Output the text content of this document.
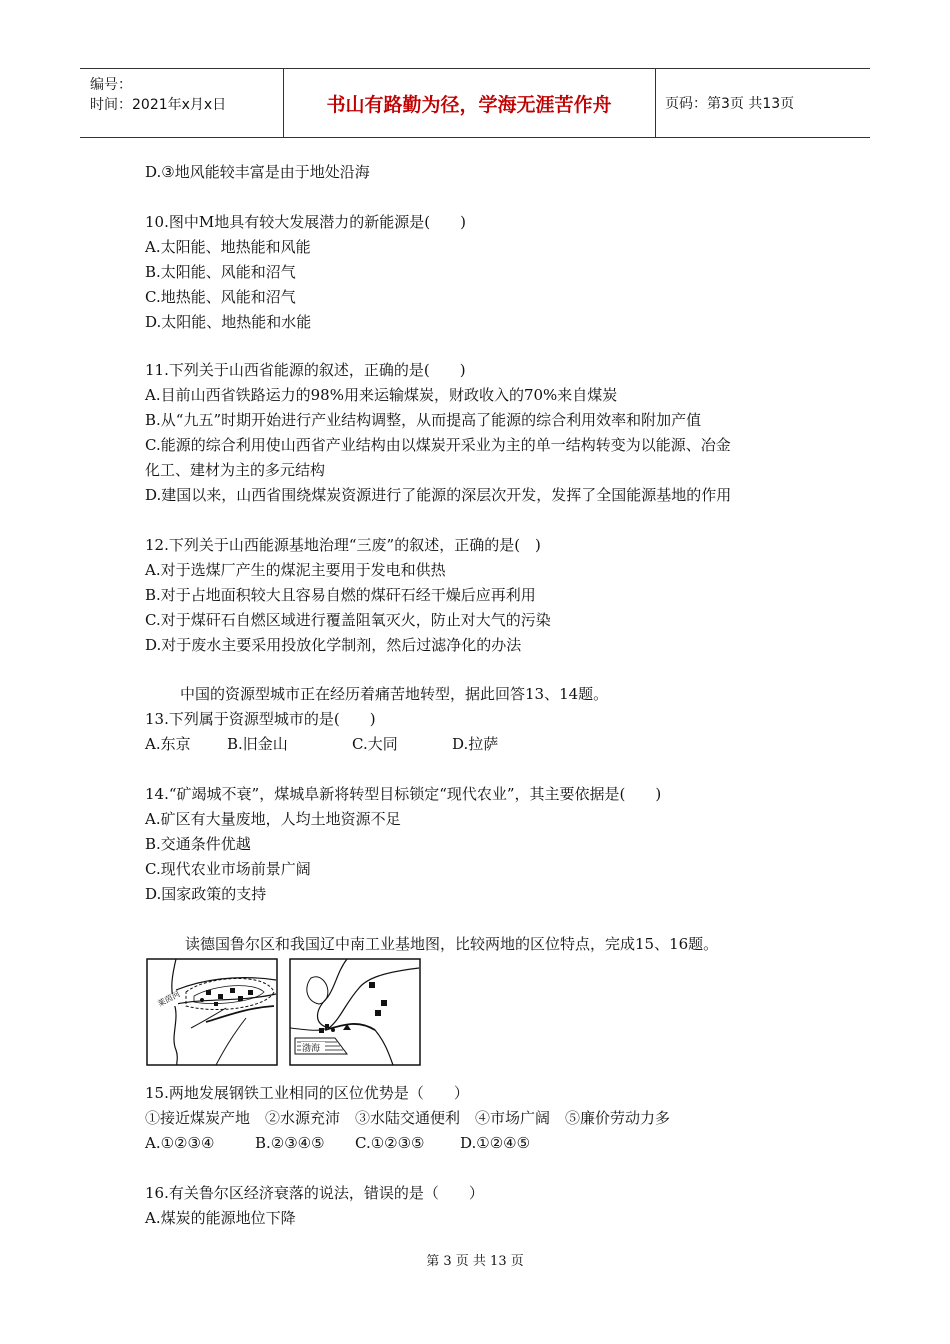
编号：
时间：2021年x月x日	书山有路勤为径，学海无涯苦作舟	页码：第3页 共13页
D.③地风能较丰富是由于地处沿海
10.图中M地具有较大发展潜力的新能源是(　　)
A.太阳能、地热能和风能
B.太阳能、风能和沼气
C.地热能、风能和沼气
D.太阳能、地热能和水能
11.下列关于山西省能源的叙述，正确的是(　　)
A.目前山西省铁路运力的98%用来运输煤炭，财政收入的70%来自煤炭
B.从“九五”时期开始进行产业结构调整，从而提高了能源的综合利用效率和附加产值
C.能源的综合利用使山西省产业结构由以煤炭开采业为主的单一结构转变为以能源、冶金
化工、建材为主的多元结构
D.建国以来，山西省围绕煤炭资源进行了能源的深层次开发，发挥了全国能源基地的作用
12.下列关于山西能源基地治理“三废”的叙述，正确的是(　)
A.对于选煤厂产生的煤泥主要用于发电和供热
B.对于占地面积较大且容易自燃的煤矸石经干燥后应再利用
C.对于煤矸石自燃区域进行覆盖阻氧灭火，防止对大气的污染
D.对于废水主要采用投放化学制剂，然后过滤净化的办法
中国的资源型城市正在经历着痛苦地转型，据此回答13、14题。
13.下列属于资源型城市的是(　　)
A.东京 B.旧金山	C.大同	D.拉萨
14.“矿竭城不衰”，煤城阜新将转型目标锁定“现代农业”，其主要依据是(　　)
A.矿区有大量废地，人均土地资源不足
B.交通条件优越
C.现代农业市场前景广阔
D.国家政策的支持
读德国鲁尔区和我国辽中南工业基地图，比较两地的区位特点，完成15、16题。
莱茵河
渤海
15.两地发展钢铁工业相同的区位优势是（　　）
①接近煤炭产地　②水源充沛　③水陆交通便利　④市场广阔　⑤廉价劳动力多
A.①②③④	B.②③④⑤ C.①②③⑤ D.①②④⑤
16.有关鲁尔区经济衰落的说法，错误的是（　　）
A.煤炭的能源地位下降
第 3 页 共 13 页
